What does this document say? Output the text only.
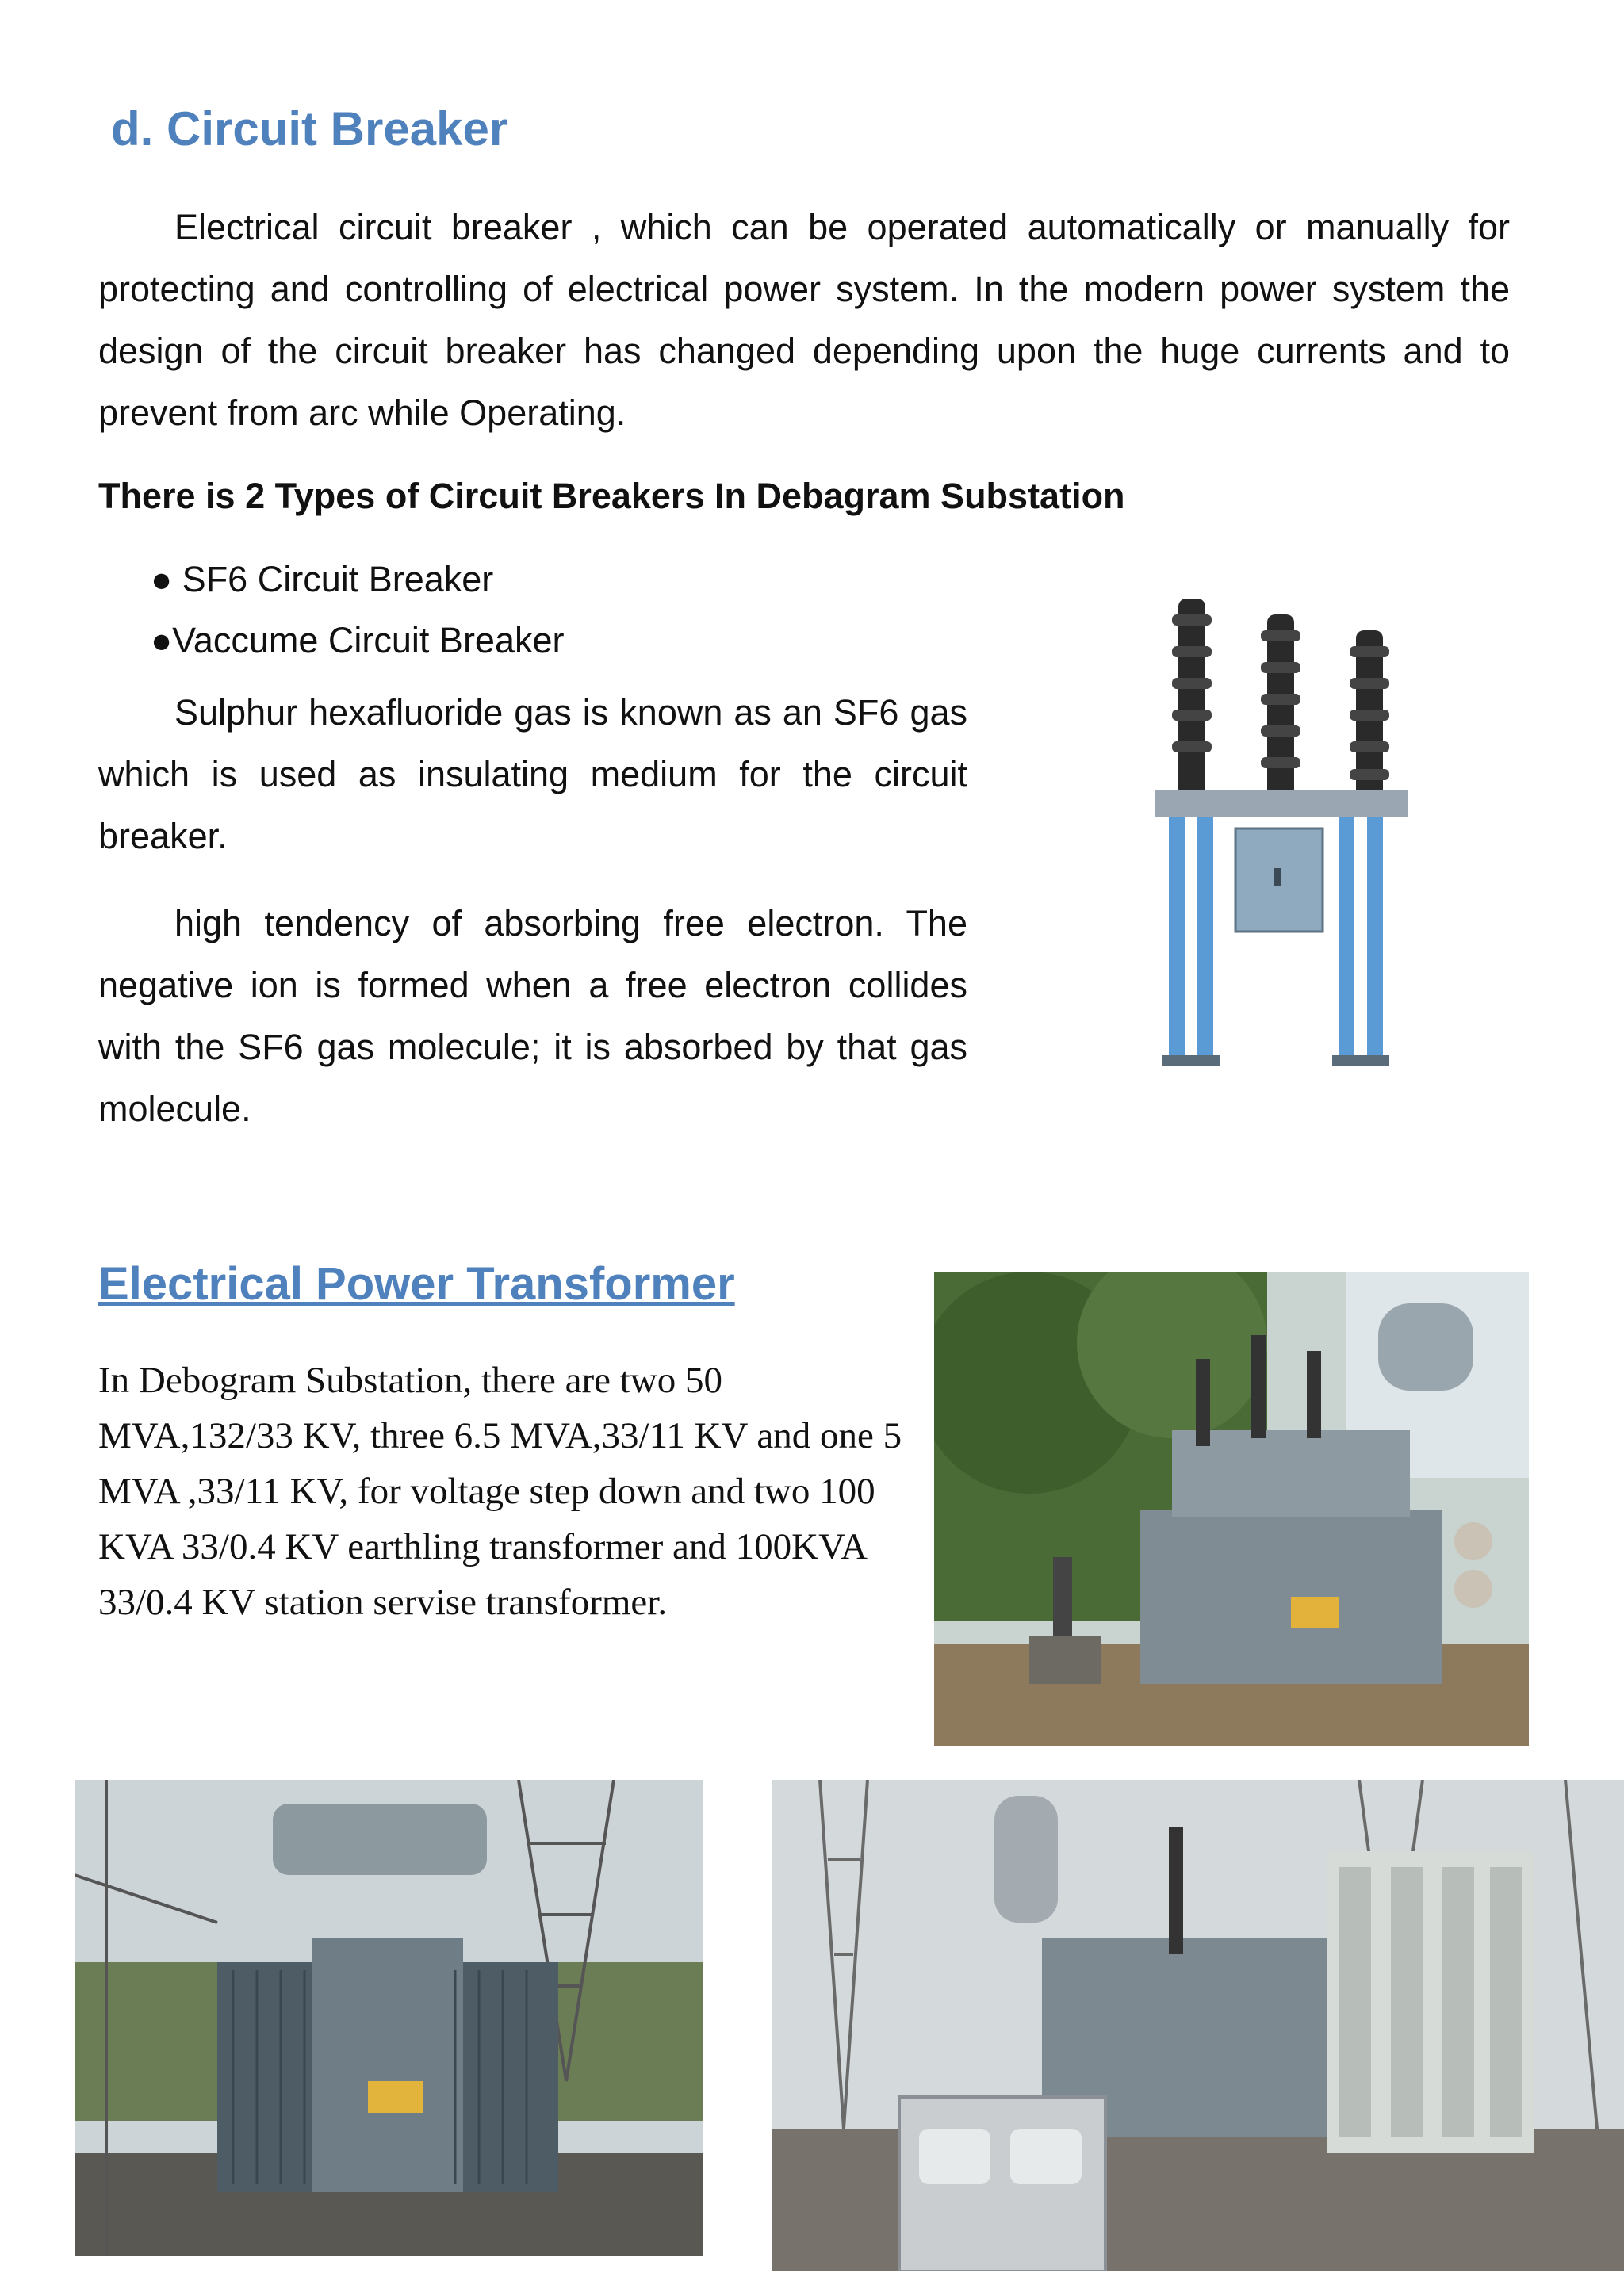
d. Circuit Breaker
Electrical circuit breaker , which can be operated automatically or manually for protecting and controlling of electrical power system. In the modern power system the design of the circuit breaker has changed depending upon the huge currents and to prevent from arc while Operating.
There is 2 Types of Circuit Breakers In Debagram Substation
● SF6 Circuit Breaker
●Vaccume Circuit Breaker
Sulphur hexafluoride gas is known as an SF6 gas which is used as insulating medium for the circuit breaker.
high tendency of absorbing free electron. The negative ion is formed when a free electron collides with the SF6 gas molecule; it is absorbed by that gas molecule.
Electrical Power Transformer
In Debogram Substation, there are two 50 MVA,132/33 KV, three 6.5 MVA,33/11 KV and one 5 MVA ,33/11 KV, for voltage step down and two 100 KVA 33/0.4 KV earthling transformer and 100KVA 33/0.4 KV station servise transformer.
